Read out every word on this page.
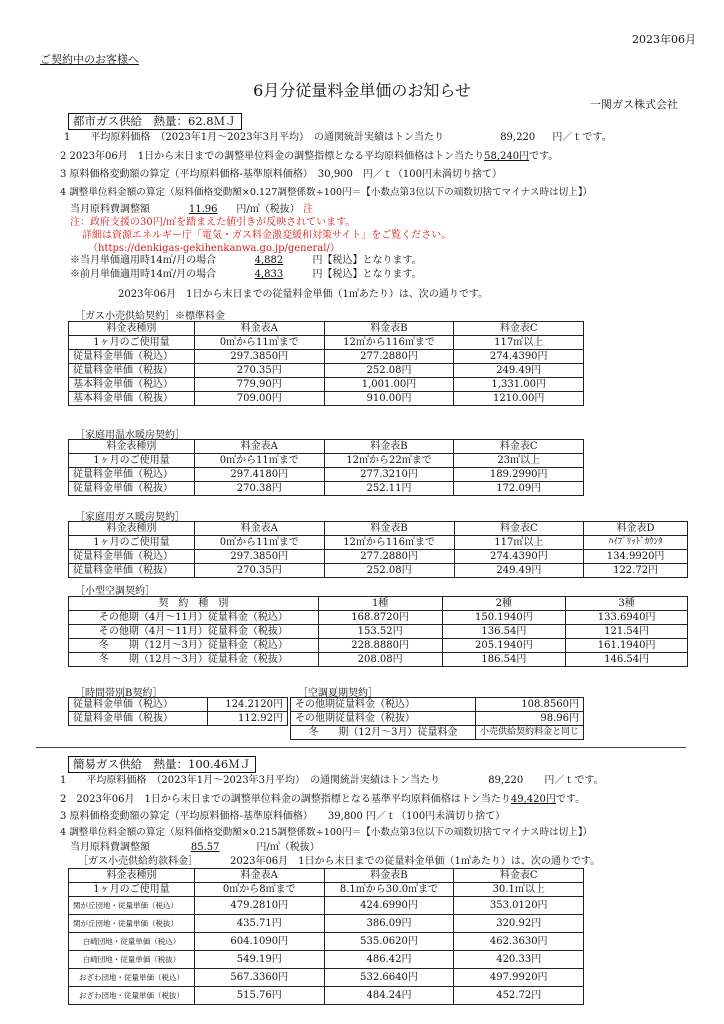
2023年06月
ご契約中のお客様へ
6月分従量料金単価のお知らせ
一関ガス株式会社
都市ガス供給　熱量：62.8ＭＪ
1　　平均原料価格　（2023年1月～2023年3月平均）　の通関統計実績はトン当たり	89,220 円／ｔです。
2 2023年06月　1日から末日までの調整単位料金の調整指標となる平均原料価格はトン当たり58,240円です。
3 原料価格変動額の算定（平均原料価格-基準原料価格）　30,900　円／ｔ（100円未満切り捨て）
4 調整単位料金額の算定（原料価格変動額×0.127調整係数÷100円＝【小数点第3位以下の端数切捨てマイナス時は切上】）
当月原料費調整額	11.96 円/㎥（税抜） 注
注：政府支援の30円/㎥を踏まえた値引きが反映されています。
詳細は資源エネルギー庁「電気・ガス料金激変緩和対策サイト」をご覧ください。
（https://denkigas-gekihenkanwa.go.jp/general/）
※当月単価適用時14㎥/月の場合	4,882	円【税込】となります。
※前月単価適用時14㎥/月の場合	4,833	円【税込】となります。
2023年06月　1日から末日までの従量料金単価（1㎥あたり）は、次の通りです。
［ガス小売供給契約］※標準料金
料金表種別	料金表A	料金表B	料金表C
1ヶ月のご使用量	0㎥から11㎥まで	12㎥から116㎥まで	117㎥以上
従量料金単価（税込）	297.3850円	277.2880円	274.4390円
従量料金単価（税抜）	270.35円	252.08円	249.49円
基本料金単価（税込）	779.90円	1,001.00円	1,331.00円
基本料金単価（税抜）	709.00円	910.00円	1210.00円
［家庭用温水暖房契約］
料金表種別	料金表A	料金表B	料金表C
1ヶ月のご使用量	0㎥から11㎥まで	12㎥から22㎥まで	23㎥以上
従量料金単価（税込）	297.4180円	277.3210円	189.2990円
従量料金単価（税抜）	270.38円	252.11円	172.09円
［家庭用ガス暖房契約］
料金表種別	料金表A	料金表B	料金表C	料金表D
1ヶ月のご使用量	0㎥から11㎥まで	12㎥から116㎥まで	117㎥以上	ﾊｲﾌﾞﾘｯﾄﾞｶｳﾝﾀ
従量料金単価（税込）	297.3850円	277.2880円	274.4390円	134.9920円
従量料金単価（税抜）	270.35円	252.08円	249.49円	122.72円
［小型空調契約］
契　約　種　別	1種	2種	3種
その他期（4月～11月）従量料金（税込）	168.8720円	150.1940円	133.6940円
その他期（4月～11月）従量料金（税抜）	153.52円	136.54円	121.54円
冬　　期（12月～3月）従量料金（税込）	228.8880円	205.1940円	161.1940円
冬　　期（12月～3月）従量料金（税抜）	208.08円	186.54円	146.54円
［時間帯別B契約］
従量料金単価（税込）	124.2120円
従量料金単価（税抜）	112.92円
［空調夏期契約］
その他期従量料金（税込）	108.8560円
その他期従量料金（税抜）	98.96円
冬　　期（12月～3月）従量料金	小売供給契約料金と同じ
簡易ガス供給　熱量：100.46ＭＪ
1　　平均原料価格　（2023年1月～2023年3月平均）　の通関統計実績はトン当たり	89,220 円／ｔです。
2　2023年06月　1日から末日までの調整単位料金の調整指標となる基準平均原料価格はトン当たり49,420円です。
3 原料価格変動額の算定（平均原料価格-基準原料価格）　　39,800 円／ｔ（100円未満切り捨て）
4 調整単位料金額の算定（原料価格変動額×0.215調整係数÷100円＝【小数点第3位以下の端数切捨てマイナス時は切上】）
当月原料費調整額	85.57	円/㎥（税抜）
［ガス小売供給約款料金］	2023年06月　1日から末日までの従量料金単価（1㎥あたり）は、次の通りです。
料金表種別	料金表A	料金表B	料金表C
1ヶ月のご使用量	0㎥から8㎥まで	8.1㎥から30.0㎥まで	30.1㎥以上
関が丘団地・従量単価（税込）	479.2810円	424.6990円	353.0120円
関が丘団地・従量単価（税抜）	435.71円	386.09円	320.92円
白崎団地・従量単価（税込）	604.1090円	535.0620円	462.3630円
白崎団地・従量単価（税抜）	549.19円	486.42円	420.33円
おざわ団地・従量単価（税込）	567.3360円	532.6640円	497.9920円
おざわ団地・従量単価（税抜）	515.76円	484.24円	452.72円
